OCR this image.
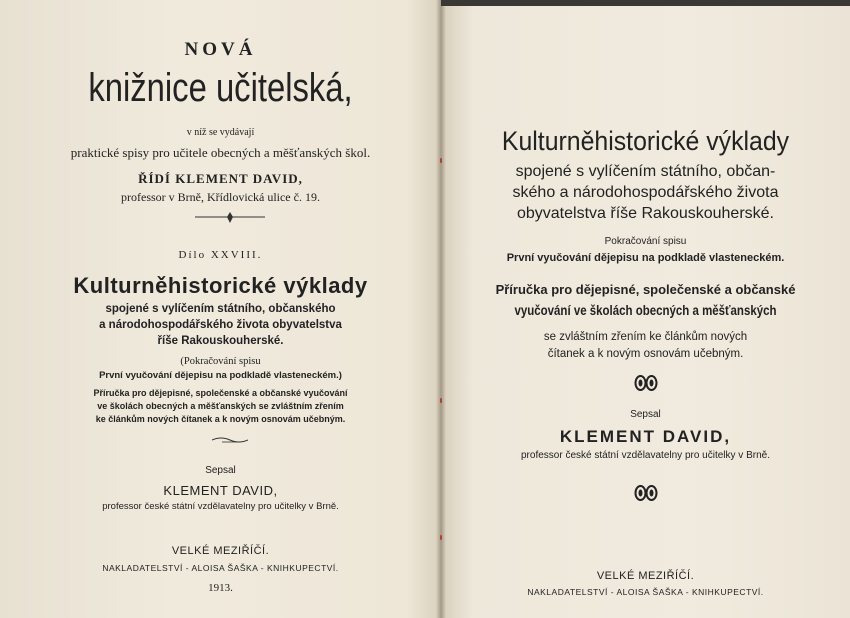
NOVÁ
knižnice učitelská,
v níž se vydávají
praktické spisy pro učitele obecných a měšťanských škol.
ŘÍDÍ KLEMENT DAVID,
professor v Brně, Křídlovická ulice č. 19.
Dílo XXVIII.
Kulturněhistorické výklady
spojené s vylíčením státního, občanského
a národohospodářského života obyvatelstva
říše Rakouskouherské.
(Pokračování spisu
První vyučování dějepisu na podkladě vlasteneckém.)
Příručka pro dějepisné, společenské a občanské vyučování
ve školách obecných a měšťanských se zvláštním zřením
ke článkům nových čítanek a k novým osnovám učebným.
Sepsal
KLEMENT DAVID,
professor české státní vzdělavatelny pro učitelky v Brně.
VELKÉ MEZIŘÍČÍ.
NAKLADATELSTVÍ - ALOISA ŠAŠKA - KNIHKUPECTVÍ.
1913.
Kulturněhistorické výklady
spojené s vylíčením státního, občan-
ského a národohospodářského života
obyvatelstva říše Rakouskouherské.
Pokračování spisu
První vyučování dějepisu na podkladě vlasteneckém.
Příručka pro dějepisné, společenské a občanské
vyučování ve školách obecných a měšťanských
se zvláštním zřením ke článkům nových
čítanek a k novým osnovám učebným.
Sepsal
KLEMENT DAVID,
professor české státní vzdělavatelny pro učitelky v Brně.
VELKÉ MEZIŘÍČÍ.
NAKLADATELSTVÍ - ALOISA ŠAŠKA - KNIHKUPECTVÍ.
